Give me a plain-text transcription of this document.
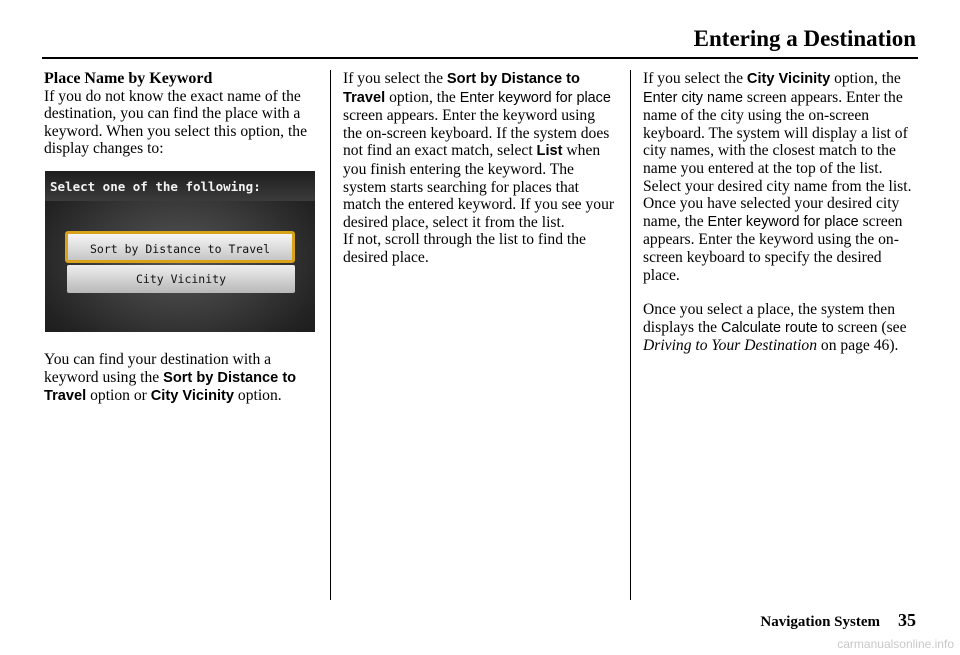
Entering a Destination

Place Name by Keyword

If you do not know the exact name of the destination, you can find the place with a keyword. When you select this option, the display changes to:

Select one of the following:
Sort by Distance to Travel
City Vicinity

You can find your destination with a keyword using the Sort by Distance to Travel option or City Vicinity option.

If you select the Sort by Distance to Travel option, the Enter keyword for place screen appears. Enter the keyword using the on-screen keyboard. If the system does not find an exact match, select List when you finish entering the keyword. The system starts searching for places that match the entered keyword. If you see your desired place, select it from the list.

If not, scroll through the list to find the desired place.

If you select the City Vicinity option, the Enter city name screen appears. Enter the name of the city using the on-screen keyboard. The system will display a list of city names, with the closest match to the name you entered at the top of the list. Select your desired city name from the list. Once you have selected your desired city name, the Enter keyword for place screen appears. Enter the keyword using the on-screen keyboard to specify the desired place.

Once you select a place, the system then displays the Calculate route to screen (see Driving to Your Destination on page 46).

Navigation System 35
carmanualsonline.info
